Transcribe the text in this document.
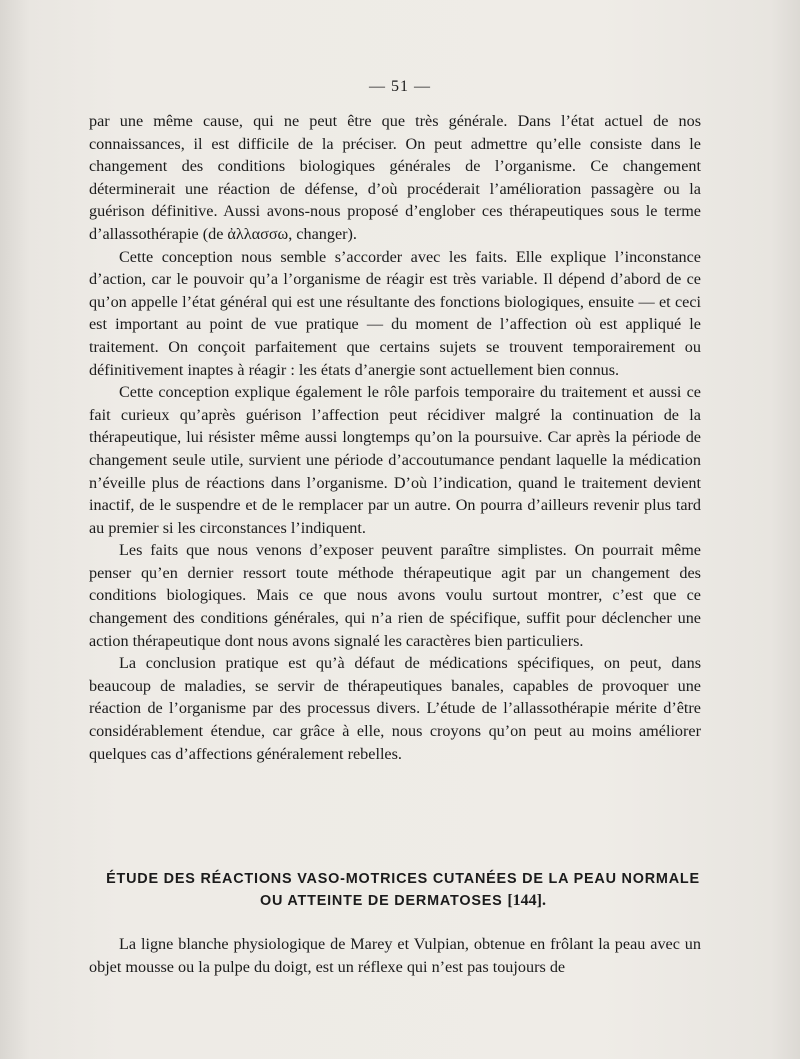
— 51 —

par une même cause, qui ne peut être que très générale. Dans l’état actuel de nos connaissances, il est difficile de la préciser. On peut admettre qu’elle consiste dans le changement des conditions biologiques générales de l’organisme. Ce changement déterminerait une réaction de défense, d’où procéderait l’amélioration passagère ou la guérison définitive. Aussi avons-nous proposé d’englober ces thérapeutiques sous le terme d’allassothérapie (de ἀλλασσω, changer).

Cette conception nous semble s’accorder avec les faits. Elle explique l’inconstance d’action, car le pouvoir qu’a l’organisme de réagir est très variable. Il dépend d’abord de ce qu’on appelle l’état général qui est une résultante des fonctions biologiques, ensuite — et ceci est important au point de vue pratique — du moment de l’affection où est appliqué le traitement. On conçoit parfaitement que certains sujets se trouvent temporairement ou définitivement inaptes à réagir : les états d’anergie sont actuellement bien connus.

Cette conception explique également le rôle parfois temporaire du traitement et aussi ce fait curieux qu’après guérison l’affection peut récidiver malgré la continuation de la thérapeutique, lui résister même aussi longtemps qu’on la poursuive. Car après la période de changement seule utile, survient une période d’accoutumance pendant laquelle la médication n’éveille plus de réactions dans l’organisme. D’où l’indication, quand le traitement devient inactif, de le suspendre et de le remplacer par un autre. On pourra d’ailleurs revenir plus tard au premier si les circonstances l’indiquent.

Les faits que nous venons d’exposer peuvent paraître simplistes. On pourrait même penser qu’en dernier ressort toute méthode thérapeutique agit par un changement des conditions biologiques. Mais ce que nous avons voulu surtout montrer, c’est que ce changement des conditions générales, qui n’a rien de spécifique, suffit pour déclencher une action thérapeutique dont nous avons signalé les caractères bien particuliers.

La conclusion pratique est qu’à défaut de médications spécifiques, on peut, dans beaucoup de maladies, se servir de thérapeutiques banales, capables de provoquer une réaction de l’organisme par des processus divers. L’étude de l’allassothérapie mérite d’être considérablement étendue, car grâce à elle, nous croyons qu’on peut au moins améliorer quelques cas d’affections généralement rebelles.

ÉTUDE DES RÉACTIONS VASO-MOTRICES CUTANÉES DE LA PEAU NORMALE OU ATTEINTE DE DERMATOSES [144].

La ligne blanche physiologique de Marey et Vulpian, obtenue en frôlant la peau avec un objet mousse ou la pulpe du doigt, est un réflexe qui n’est pas toujours de
